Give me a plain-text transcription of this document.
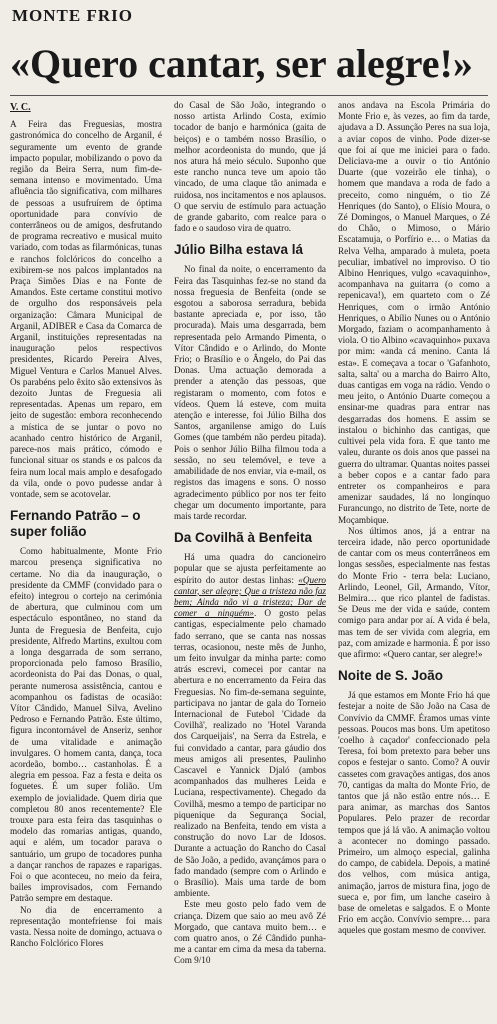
MONTE FRIO
«Quero cantar, ser alegre!»
V. C.

A Feira das Freguesias, mostra gastronómica do concelho de Arganil, é seguramente um evento de grande impacto popular, mobilizando o povo da região da Beira Serra, num fim-de-semana intenso e movimentado. Uma afluência tão significativa, com milhares de pessoas a usufruírem de óptima oportunidade para convívio de conterrâneos ou de amigos, desfrutando de programa recreativo e musical muito variado, com todas as filarmónicas, tunas e ranchos folclóricos do concelho a exibirem-se nos palcos implantados na Praça Simões Dias e na Fonte de Amandos. Este certame constitui motivo de orgulho dos responsáveis pela organização: Câmara Municipal de Arganil, ADIBER e Casa da Comarca de Arganil, instituições representadas na inauguração pelos respectivos presidentes, Ricardo Pereira Alves, Miguel Ventura e Carlos Manuel Alves. Os parabéns pelo êxito são extensivos às dezoito Juntas de Freguesia ali representadas. Apenas um reparo, em jeito de sugestão: embora reconhecendo a mística de se juntar o povo no acanhado centro histórico de Arganil, parece-nos mais prático, cómodo e funcional situar os stands e os palcos da feira num local mais amplo e desafogado da vila, onde o povo pudesse andar à vontade, sem se acotovelar.

Fernando Patrão – o super folião

Como habitualmente, Monte Frio marcou presença significativa no certame. No dia da inauguração, o presidente da CMMF (convidado para o efeito) integrou o cortejo na cerimónia de abertura, que culminou com um espectáculo espontâneo, no stand da Junta de Freguesia de Benfeita, cujo presidente, Alfredo Martins, exultou com a longa desgarrada de som serrano, proporcionada pelo famoso Brasílio, acordeonista do Pai das Donas, o qual, perante numerosa assistência, cantou e acompanhou os fadistas de ocasião: Vítor Cândido, Manuel Silva, Avelino Pedroso e Fernando Patrão. Este último, figura incontornável de Anseriz, senhor de uma vitalidade e animação invulgares. O homem canta, dança, toca acordeão, bombo… castanholas. É a alegria em pessoa. Faz a festa e deita os foguetes. É um super folião. Um exemplo de jovialidade. Quem diria que completou 80 anos recentemente? Ele trouxe para esta feira das tasquinhas o modelo das romarias antigas, quando, aqui e além, um tocador parava o santuário, um grupo de tocadores punha a dançar ranchos de rapazes e raparigas. Foi o que aconteceu, no meio da feira, bailes improvisados, com Fernando Patrão sempre em destaque.

No dia de encerramento a representação montefriense foi mais vasta. Nessa noite de domingo, actuava o Rancho Folclórico Flores

do Casal de São João, integrando o nosso artista Arlindo Costa, exímio tocador de banjo e harmónica (gaita de beiços) e o também nosso Brasílio, o melhor acordeonista do mundo, que já nos atura há meio século. Suponho que este rancho nunca teve um apoio tão vincado, de uma claque tão animada e ruidosa, nos incitamentos e nos aplausos. O que serviu de estímulo para actuação de grande gabarito, com realce para o fado e o saudoso vira de quatro.

Júlio Bilha estava lá

No final da noite, o encerramento da Feira das Tasquinhas fez-se no stand da nossa freguesia de Benfeita (onde se esgotou a saborosa serradura, bebida bastante apreciada e, por isso, tão procurada). Mais uma desgarrada, bem representada pelo Armando Pimenta, o Vítor Cândido e o Arlindo, do Monte Frio; o Brasílio e o Ângelo, do Pai das Donas. Uma actuação demorada a prender a atenção das pessoas, que registaram o momento, com fotos e vídeos. Quem lá esteve, com muita atenção e interesse, foi Júlio Bilha dos Santos, arganilense amigo do Luís Gomes (que também não perdeu pitada). Pois o senhor Júlio Bilha filmou toda a sessão, no seu telemóvel, e teve a amabilidade de nos enviar, via e-mail, os registos das imagens e sons. O nosso agradecimento público por nos ter feito chegar um documento importante, para mais tarde recordar.

Da Covilhã à Benfeita

Há uma quadra do cancioneiro popular que se ajusta perfeitamente ao espírito do autor destas linhas: «Quero cantar, ser alegre; Que a tristeza não faz bem; Ainda não vi a tristeza; Dar de comer a ninguém». O gosto pelas cantigas, especialmente pelo chamado fado serrano, que se canta nas nossas terras, ocasionou, neste mês de Junho, um feito invulgar da minha parte: como atrás escrevi, comecei por cantar na abertura e no encerramento da Feira das Freguesias. No fim-de-semana seguinte, participava no jantar de gala do Torneio Internacional de Futebol 'Cidade da Covilhã', realizado no 'Hotel Varanda dos Carqueijais', na Serra da Estrela, e fui convidado a cantar, para gáudio dos meus amigos ali presentes, Paulinho Cascavel e Yannick Djaló (ambos acompanhados das mulheres Leida e Luciana, respectivamente). Chegado da Covilhã, mesmo a tempo de participar no piquenique da Segurança Social, realizado na Benfeita, tendo em vista a construção do novo Lar de Idosos. Durante a actuação do Rancho do Casal de São João, a pedido, avançámos para o fado mandado (sempre com o Arlindo e o Brasílio). Mais uma tarde de bom ambiente.

Este meu gosto pelo fado vem de criança. Dizem que saio ao meu avô Zé Morgado, que cantava muito bem… e com quatro anos, o Zé Cândido punha-me a cantar em cima da mesa da taberna. Com 9/10

anos andava na Escola Primária do Monte Frio e, às vezes, ao fim da tarde, ajudava a D. Assunção Peres na sua loja, a aviar copos de vinho. Pode dizer-se que foi aí que me iniciei para o fado. Deliciava-me a ouvir o tio António Duarte (que vozeirão ele tinha), o homem que mandava a roda de fado a preceito, como ninguém, o tio Zé Henriques (do Santo), o Elísio Moura, o Zé Domingos, o Manuel Marques, o Zé do Chão, o Mimoso, o Mário Escatamuja, o Porfírio e… o Matias da Relva Velha, amparado à muleta, poeta peculiar, imbatível no improviso. O tio Albino Henriques, vulgo «cavaquinho», acompanhava na guitarra (o como a repenicava!), em quarteto com o Zé Henriques, com o irmão António Henriques, o Abílio Nunes ou o António Morgado, faziam o acompanhamento à viola. O tio Albino «cavaquinho» puxava por mim: «anda cá menino. Canta lá esta». E começava a tocar o 'Gafanhoto, salta, salta' ou a marcha do Bairro Alto, duas cantigas em voga na rádio. Vendo o meu jeito, o António Duarte começou a ensinar-me quadras para entrar nas desgarradas dos homens. E assim se instalou o bichinho das cantigas, que cultivei pela vida fora. E que tanto me valeu, durante os dois anos que passei na guerra do ultramar. Quantas noites passei a beber copos e a cantar fado para entreter os companheiros e para amenizar saudades, lá no longínquo Furancungo, no distrito de Tete, norte de Moçambique.

Nos últimos anos, já a entrar na terceira idade, não perco oportunidade de cantar com os meus conterrâneos em longas sessões, especialmente nas festas do Monte Frio - terra bela: Luciano, Arlindo, Leonel, Gil, Armando, Vítor, Belmira… que rico plantel de fadistas. Se Deus me der vida e saúde, contem comigo para andar por aí. A vida é bela, mas tem de ser vivida com alegria, em paz, com amizade e harmonia. É por isso que afirmo: «Quero cantar, ser alegre!»

Noite de S. João

Já que estamos em Monte Frio há que festejar a noite de São João na Casa de Convívio da CMMF. Éramos umas vinte pessoas. Poucos mas bons. Um apetitoso 'coelho à caçador' confeccionado pela Teresa, foi bom pretexto para beber uns copos e festejar o santo. Como? A ouvir cassetes com gravações antigas, dos anos 70, cantigas da malta do Monte Frio, de tantos que já não estão entre nós… E para animar, as marchas dos Santos Populares. Pelo prazer de recordar tempos que já lá vão. A animação voltou a acontecer no domingo passado. Primeiro, um almoço especial, galinha do campo, de cabidela. Depois, a matiné dos velhos, com música antiga, animação, jarros de mistura fina, jogo de sueca e, por fim, um lanche caseiro à base de omeletas e salgados. E o Monte Frio em acção. Convívio sempre… para aqueles que gostam mesmo de conviver.
